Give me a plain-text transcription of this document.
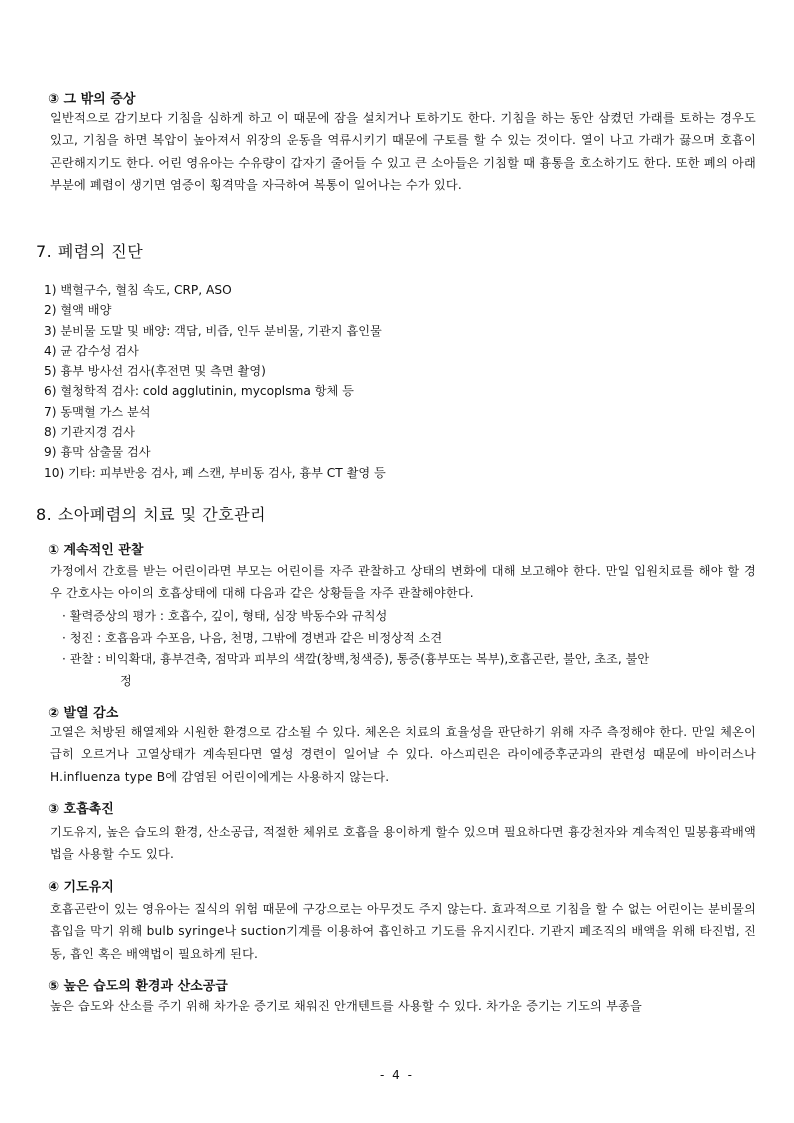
③ 그 밖의 증상
일반적으로 감기보다 기침을 심하게 하고 이 때문에 잠을 설치거나 토하기도 한다. 기침을 하는 동안 삼켰던 가래를 토하는 경우도 있고, 기침을 하면 복압이 높아져서 위장의 운동을 역류시키기 때문에 구토를 할 수 있는 것이다. 열이 나고 가래가 끓으며 호흡이 곤란해지기도 한다. 어린 영유아는 수유량이 갑자기 줄어들 수 있고 큰 소아들은 기침할 때 흉통을 호소하기도 한다. 또한 폐의 아래 부분에 폐렴이 생기면 염증이 횡격막을 자극하여 복통이 일어나는 수가 있다.
7. 폐렴의 진단
1) 백혈구수, 혈침 속도, CRP, ASO
2) 혈액 배양
3) 분비물 도말 및 배양: 객담, 비즙, 인두 분비물, 기관지 흡인물
4) 균 감수성 검사
5) 흉부 방사선 검사(후전면 및 측면 촬영)
6) 혈청학적 검사: cold agglutinin, mycoplsma 항체 등
7) 동맥혈 가스 분석
8) 기관지경 검사
9) 흉막 삼출물 검사
10) 기타: 피부반응 검사, 폐 스캔, 부비동 검사, 흉부 CT 촬영 등
8. 소아폐렴의 치료 및 간호관리
① 계속적인 관찰
가정에서 간호를 받는 어린이라면 부모는 어린이를 자주 관찰하고 상태의 변화에 대해 보고해야 한다. 만일 입원치료를 해야 할 경우 간호사는 아이의 호흡상태에 대해 다음과 같은 상황들을 자주 관찰해야한다.
· 활력증상의 평가 : 호흡수, 깊이, 형태, 심장 박동수와 규칙성
· 청진 : 호흡음과 수포음, 나음, 천명, 그밖에 경변과 같은 비정상적 소견
· 관찰 : 비익확대, 흉부견축, 점막과 피부의 색깔(창백,청색증), 통증(흉부또는 복부),호흡곤란, 불안, 초조, 불안
정
② 발열 감소
고열은 처방된 해열제와 시원한 환경으로 감소될 수 있다. 체온은 치료의 효율성을 판단하기 위해 자주 측정해야 한다. 만일 체온이 급히 오르거나 고열상태가 계속된다면 열성 경련이 일어날 수 있다. 아스피린은 라이에증후군과의 관련성 때문에 바이러스나 H.influenza type B에 감염된 어린이에게는 사용하지 않는다.
③ 호흡촉진
기도유지, 높은 습도의 환경, 산소공급, 적절한 체위로 호흡을 용이하게 할수 있으며 필요하다면 흉강천자와 계속적인 밀봉흉곽배액법을 사용할 수도 있다.
④ 기도유지
호흡곤란이 있는 영유아는 질식의 위험 때문에 구강으로는 아무것도 주지 않는다. 효과적으로 기침을 할 수 없는 어린이는 분비물의 흡입을 막기 위해 bulb syringe나 suction기계를 이용하여 흡인하고 기도를 유지시킨다. 기관지 폐조직의 배액을 위해 타진법, 진동, 흡인 혹은 배액법이 필요하게 된다.
⑤ 높은 습도의 환경과 산소공급
높은 습도와 산소를 주기 위해 차가운 증기로 채워진 안개텐트를 사용할 수 있다. 차가운 증기는 기도의 부종을
- 4 -
